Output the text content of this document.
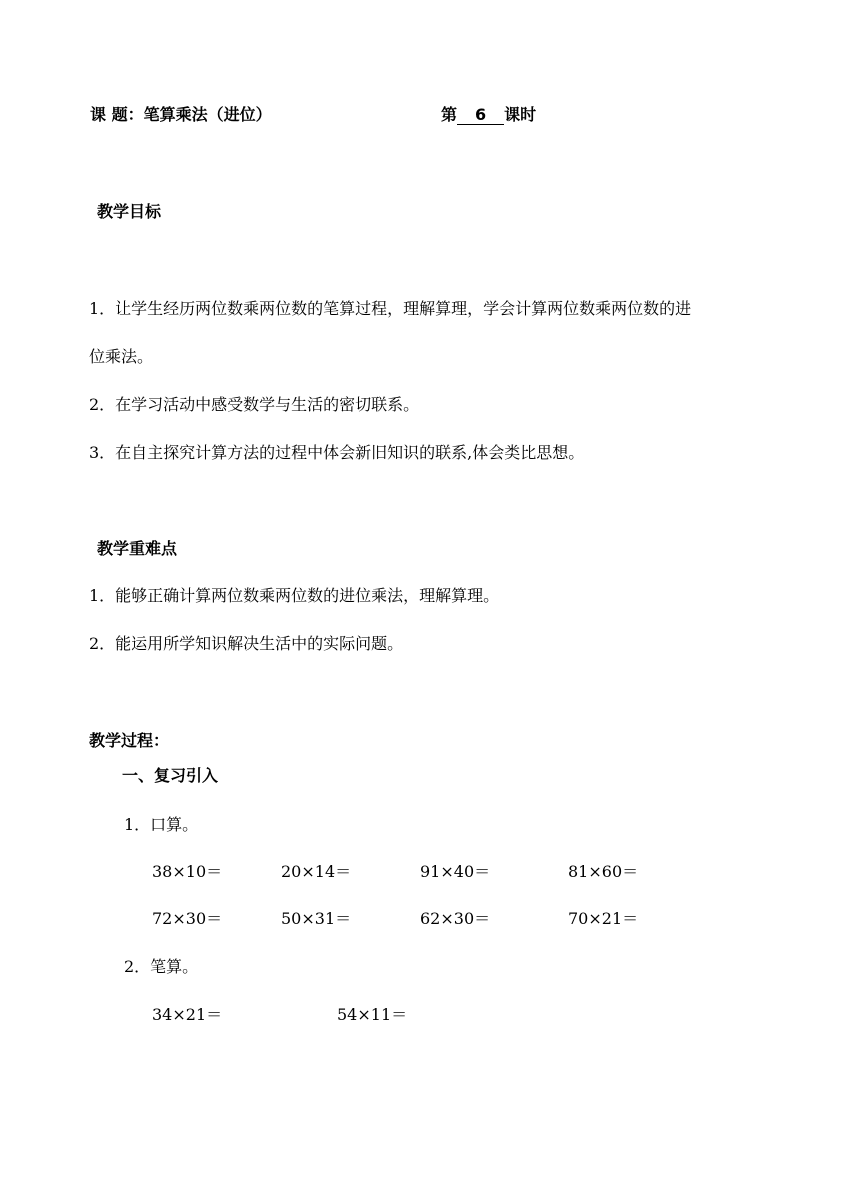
课 题：笔算乘法（进位）	第 6 课时
教学目标
1．让学生经历两位数乘两位数的笔算过程，理解算理，学会计算两位数乘两位数的进
位乘法。
2．在学习活动中感受数学与生活的密切联系。
3．在自主探究计算方法的过程中体会新旧知识的联系,体会类比思想。
教学重难点
1．能够正确计算两位数乘两位数的进位乘法，理解算理。
2．能运用所学知识解决生活中的实际问题。
教学过程：
一、复习引入
1．口算。
38×10＝	20×14＝	91×40＝	81×60＝
72×30＝	50×31＝	62×30＝	70×21＝
2．笔算。
34×21＝	54×11＝
